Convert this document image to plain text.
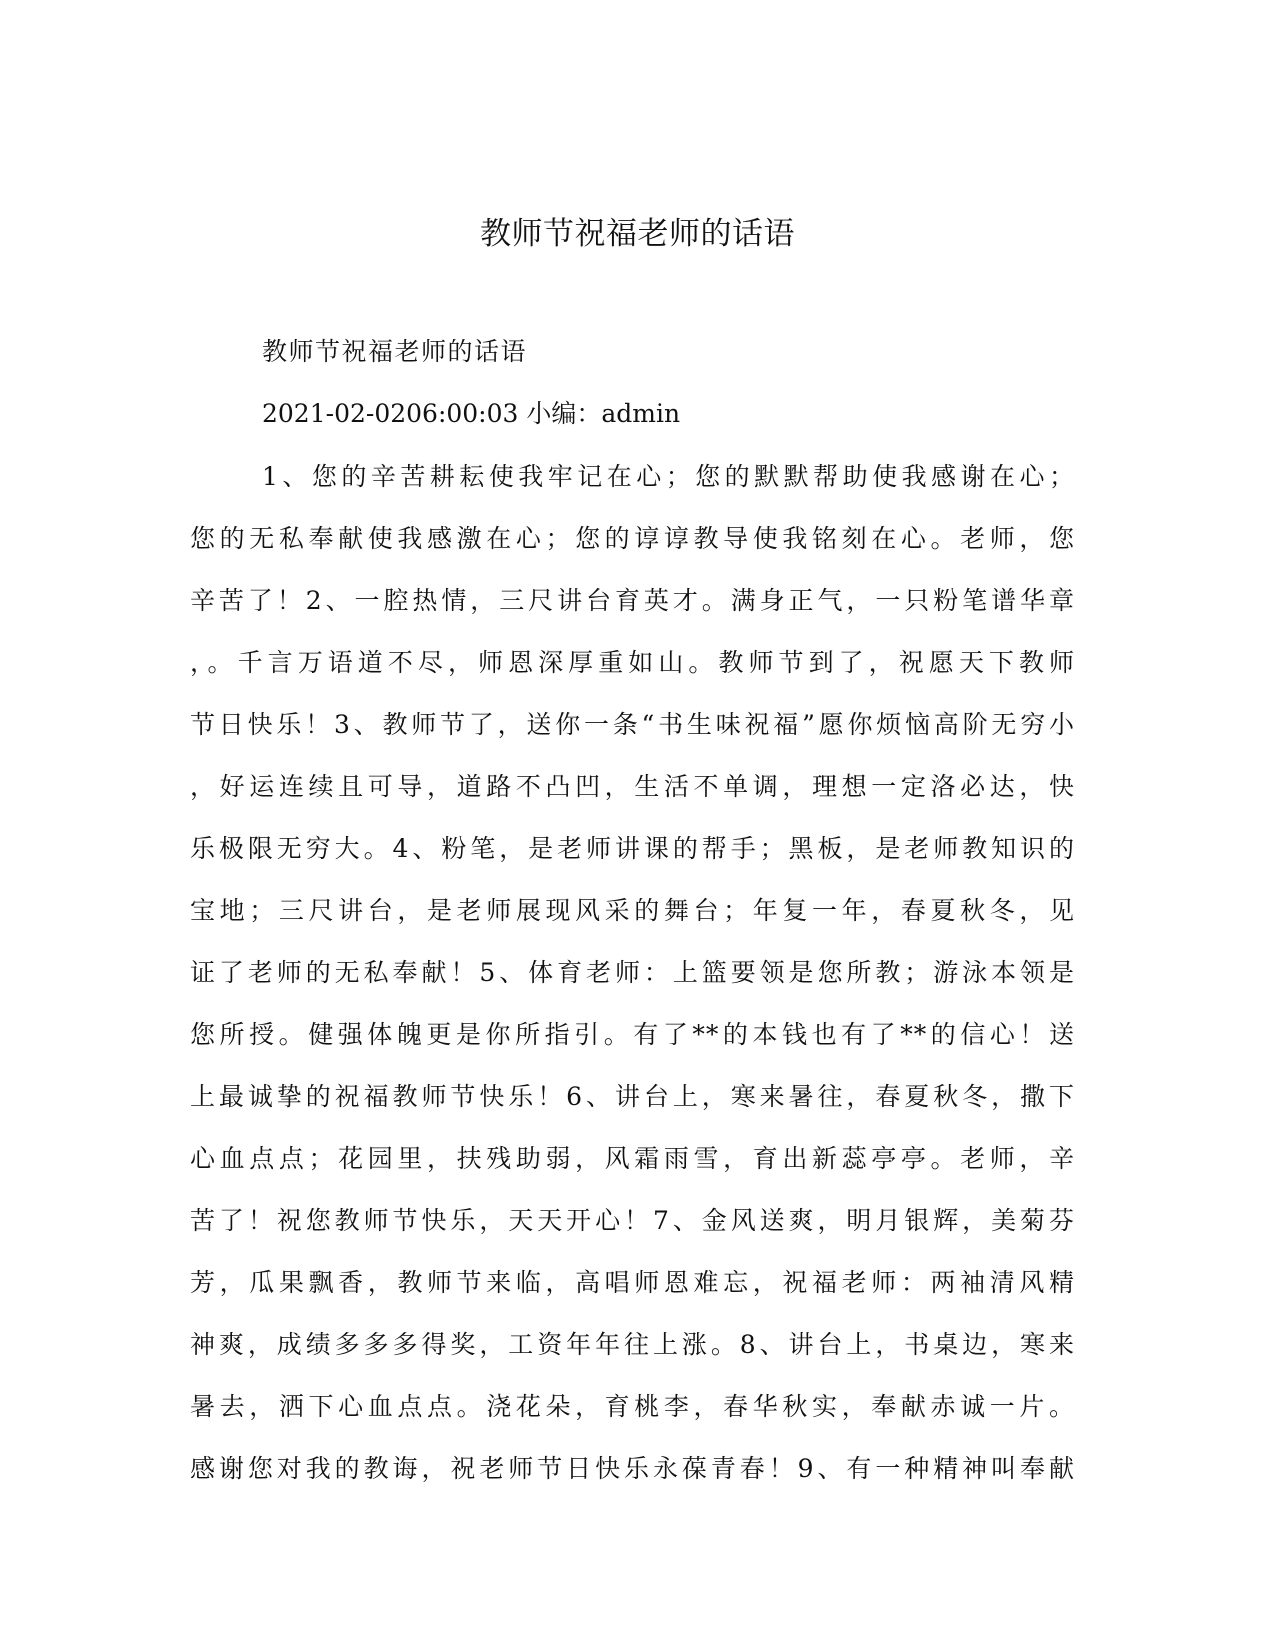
教师节祝福老师的话语

教师节祝福老师的话语

2021-02-0206:00:03 小编：admin

1、您的辛苦耕耘使我牢记在心；您的默默帮助使我感谢在心；
您的无私奉献使我感激在心；您的谆谆教导使我铭刻在心。老师，您
辛苦了！2、一腔热情，三尺讲台育英才。满身正气，一只粉笔谱华章
，。千言万语道不尽，师恩深厚重如山。教师节到了，祝愿天下教师
节日快乐！3、教师节了，送你一条“书生味祝福”愿你烦恼高阶无穷小
，好运连续且可导，道路不凸凹，生活不单调，理想一定洛必达，快
乐极限无穷大。4、粉笔，是老师讲课的帮手；黑板，是老师教知识的
宝地；三尺讲台，是老师展现风采的舞台；年复一年，春夏秋冬，见
证了老师的无私奉献！5、体育老师：上篮要领是您所教；游泳本领是
您所授。健强体魄更是你所指引。有了**的本钱也有了**的信心！送
上最诚挚的祝福教师节快乐！6、讲台上，寒来暑往，春夏秋冬，撒下
心血点点；花园里，扶残助弱，风霜雨雪，育出新蕊亭亭。老师，辛
苦了！祝您教师节快乐，天天开心！7、金风送爽，明月银辉，美菊芬
芳，瓜果飘香，教师节来临，高唱师恩难忘，祝福老师：两袖清风精
神爽，成绩多多多得奖，工资年年往上涨。8、讲台上，书桌边，寒来
暑去，洒下心血点点。浇花朵，育桃李，春华秋实，奉献赤诚一片。
感谢您对我的教诲，祝老师节日快乐永葆青春！9、有一种精神叫奉献
